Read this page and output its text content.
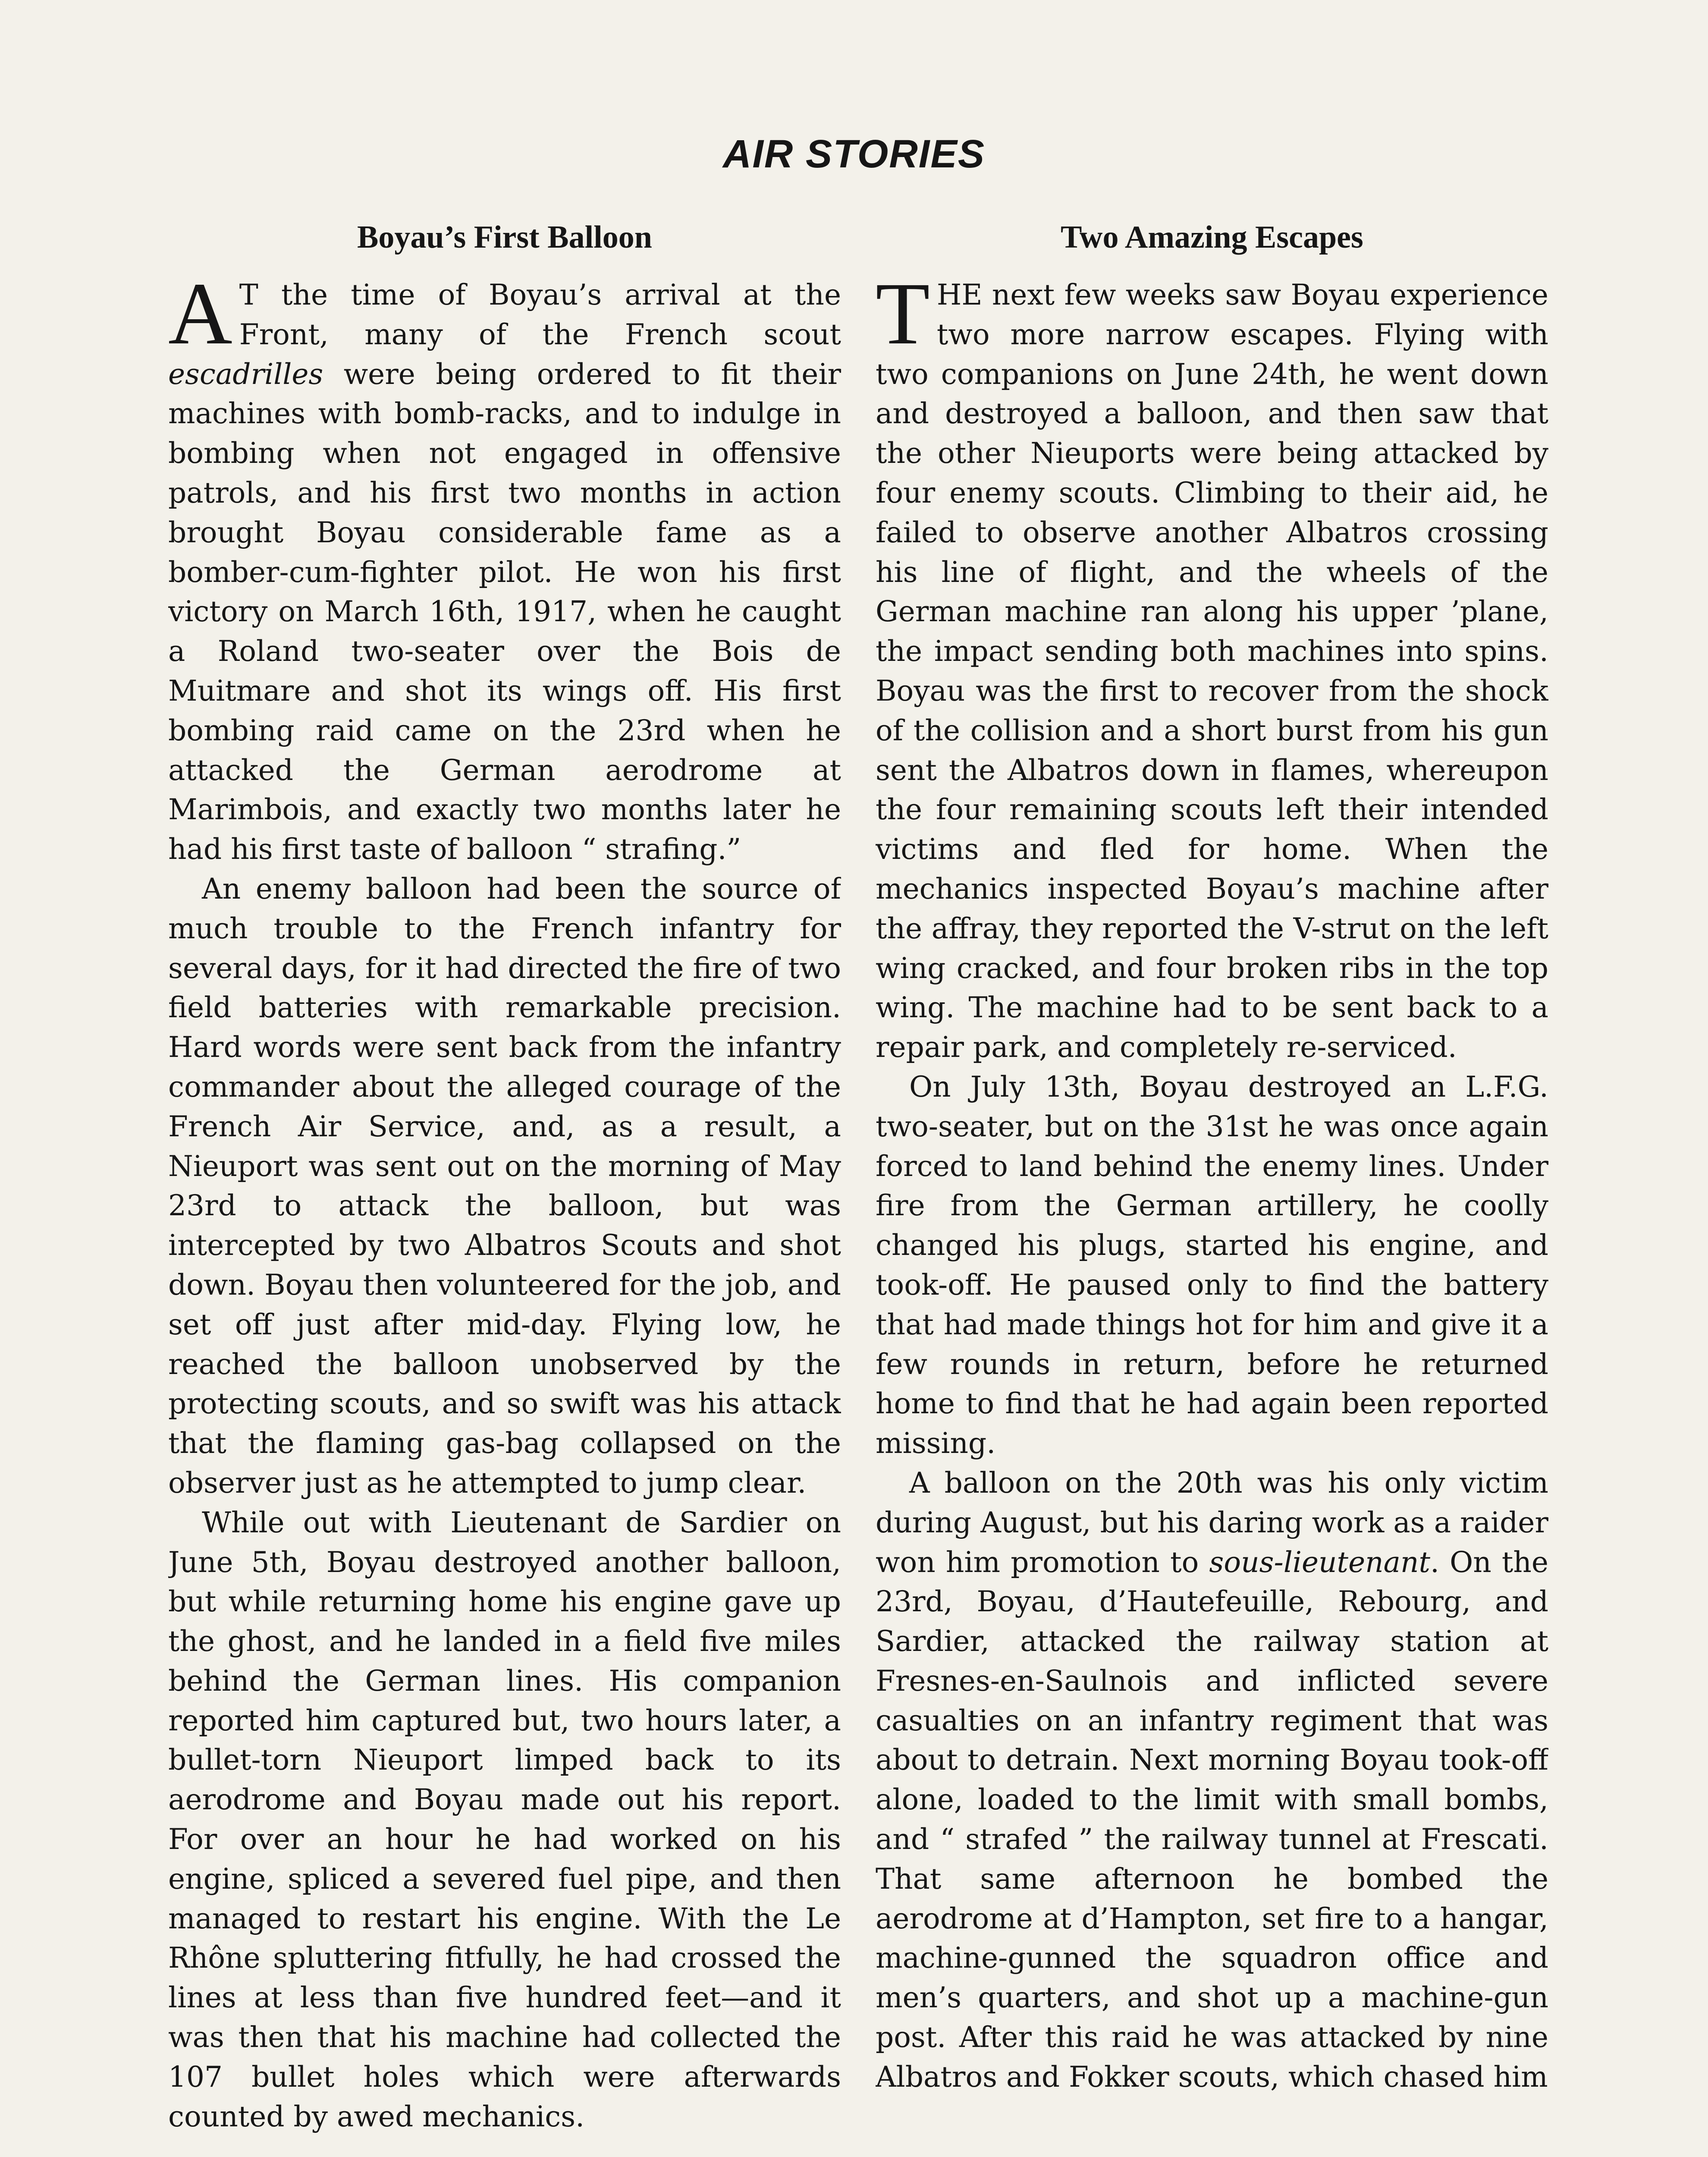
AIR STORIES
Boyau’s First Balloon

A T the time of Boyau’s arrival at the Front, many of the French scout escadrilles were being ordered to fit their machines with bomb-racks, and to indulge in bombing when not engaged in offensive patrols, and his first two months in action brought Boyau considerable fame as a bomber-cum-fighter pilot. He won his first victory on March 16th, 1917, when he caught a Roland two-seater over the Bois de Muitmare and shot its wings off. His first bombing raid came on the 23rd when he attacked the German aerodrome at Marimbois, and exactly two months later he had his first taste of balloon “ strafing.”

An enemy balloon had been the source of much trouble to the French infantry for several days, for it had directed the fire of two field batteries with remarkable precision. Hard words were sent back from the infantry commander about the alleged courage of the French Air Service, and, as a result, a Nieuport was sent out on the morning of May 23rd to attack the balloon, but was intercepted by two Albatros Scouts and shot down. Boyau then volunteered for the job, and set off just after mid-day. Flying low, he reached the balloon unobserved by the protecting scouts, and so swift was his attack that the flaming gas-bag collapsed on the observer just as he attempted to jump clear.

While out with Lieutenant de Sardier on June 5th, Boyau destroyed another balloon, but while returning home his engine gave up the ghost, and he landed in a field five miles behind the German lines. His companion reported him captured but, two hours later, a bullet-torn Nieuport limped back to its aerodrome and Boyau made out his report. For over an hour he had worked on his engine, spliced a severed fuel pipe, and then managed to restart his engine. With the Le Rhône spluttering fitfully, he had crossed the lines at less than five hundred feet—and it was then that his machine had collected the 107 bullet holes which were afterwards counted by awed mechanics.

Two Amazing Escapes

THE next few weeks saw Boyau experience two more narrow escapes. Flying with two companions on June 24th, he went down and destroyed a balloon, and then saw that the other Nieuports were being attacked by four enemy scouts. Climbing to their aid, he failed to observe another Albatros crossing his line of flight, and the wheels of the German machine ran along his upper ’plane, the impact sending both machines into spins. Boyau was the first to recover from the shock of the collision and a short burst from his gun sent the Albatros down in flames, whereupon the four remaining scouts left their intended victims and fled for home. When the mechanics inspected Boyau’s machine after the affray, they reported the V-strut on the left wing cracked, and four broken ribs in the top wing. The machine had to be sent back to a repair park, and completely re-serviced.

On July 13th, Boyau destroyed an L.F.G. two-seater, but on the 31st he was once again forced to land behind the enemy lines. Under fire from the German artillery, he coolly changed his plugs, started his engine, and took-off. He paused only to find the battery that had made things hot for him and give it a few rounds in return, before he returned home to find that he had again been reported missing.

A balloon on the 20th was his only victim during August, but his daring work as a raider won him promotion to sous-lieutenant. On the 23rd, Boyau, d’Hautefeuille, Rebourg, and Sardier, attacked the railway station at Fresnes-en-Saulnois and inflicted severe casualties on an infantry regiment that was about to detrain. Next morning Boyau took-off alone, loaded to the limit with small bombs, and “ strafed ” the railway tunnel at Frescati. That same afternoon he bombed the aerodrome at d’Hampton, set fire to a hangar, machine-gunned the squadron office and men’s quarters, and shot up a machine-gun post. After this raid he was attacked by nine Albatros and Fokker scouts, which chased him
